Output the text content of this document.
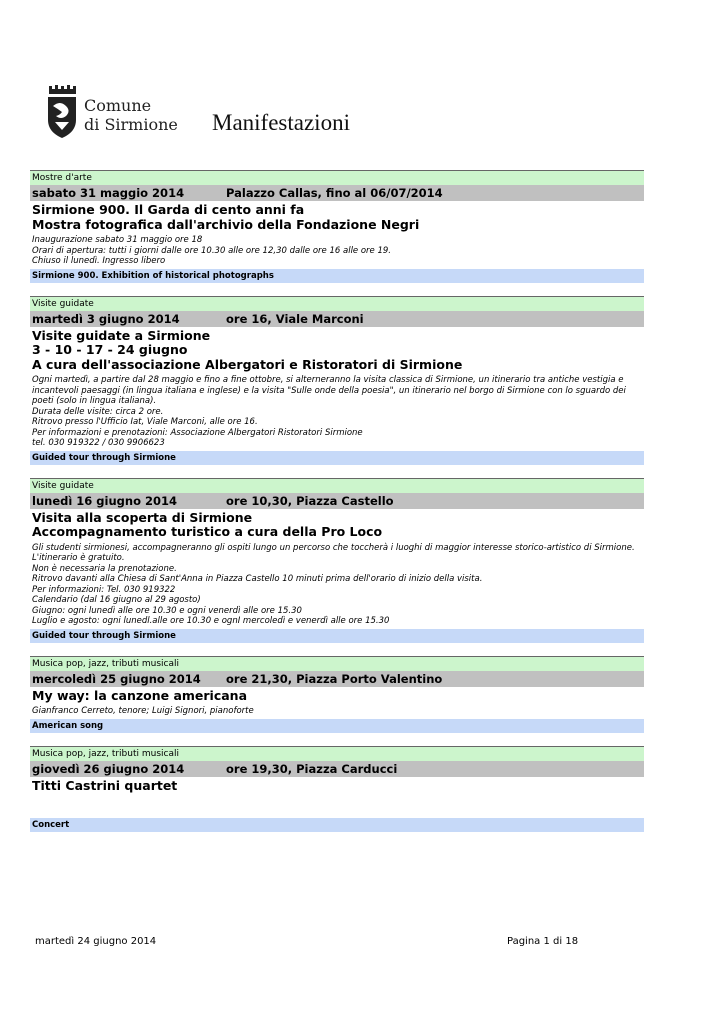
Comune
di Sirmione Manifestazioni
Mostre d'arte
sabato 31 maggio 2014	Palazzo Callas, fino al 06/07/2014
Sirmione 900. Il Garda di cento anni fa
Mostra fotografica dall'archivio della Fondazione Negri
Inaugurazione sabato 31 maggio ore 18
Orari di apertura: tutti i giorni dalle ore 10.30 alle ore 12,30 dalle ore 16 alle ore 19.
Chiuso il lunedì. Ingresso libero
Sirmione 900. Exhibition of historical photographs
Visite guidate
martedì 3 giugno 2014	ore 16, Viale Marconi
Visite guidate a Sirmione
3 - 10 - 17 - 24 giugno
A cura dell'associazione Albergatori e Ristoratori di Sirmione
Ogni martedì, a partire dal 28 maggio e fino a fine ottobre, si alterneranno la visita classica di Sirmione, un itinerario tra antiche vestigia e incantevoli paesaggi (in lingua italiana e inglese) e la visita "Sulle onde della poesia", un itinerario nel borgo di Sirmione con lo sguardo dei poeti (solo in lingua italiana).
Durata delle visite: circa 2 ore.
Ritrovo presso l'Ufficio Iat, Viale Marconi, alle ore 16.
Per informazioni e prenotazioni: Associazione Albergatori Ristoratori Sirmione
tel. 030 919322 / 030 9906623
Guided tour through Sirmione
Visite guidate
lunedì 16 giugno 2014	ore 10,30, Piazza Castello
Visita alla scoperta di Sirmione
Accompagnamento turistico a cura della Pro Loco
Gli studenti sirmionesi, accompagneranno gli ospiti lungo un percorso che toccherà i luoghi di maggior interesse storico-artistico di Sirmione.
L'itinerario è gratuito.
Non è necessaria la prenotazione.
Ritrovo davanti alla Chiesa di Sant'Anna in Piazza Castello 10 minuti prima dell'orario di inizio della visita.
Per informazioni: Tel. 030 919322
Calendario (dal 16 giugno al 29 agosto)
Giugno: ogni lunedì alle ore 10.30 e ogni venerdì alle ore 15.30
Luglio e agosto: ogni lunedl.alle ore 10.30 e ognI mercoledì e venerdì alle ore 15.30
Guided tour through Sirmione
Musica pop, jazz, tributi musicali
mercoledì 25 giugno 2014 ore 21,30, Piazza Porto Valentino
My way: la canzone americana
Gianfranco Cerreto, tenore; Luigi Signori, pianoforte
American song
Musica pop, jazz, tributi musicali
giovedì 26 giugno 2014	ore 19,30, Piazza Carducci
Titti Castrini quartet
Concert
martedì 24 giugno 2014	Pagina 1 di 18
